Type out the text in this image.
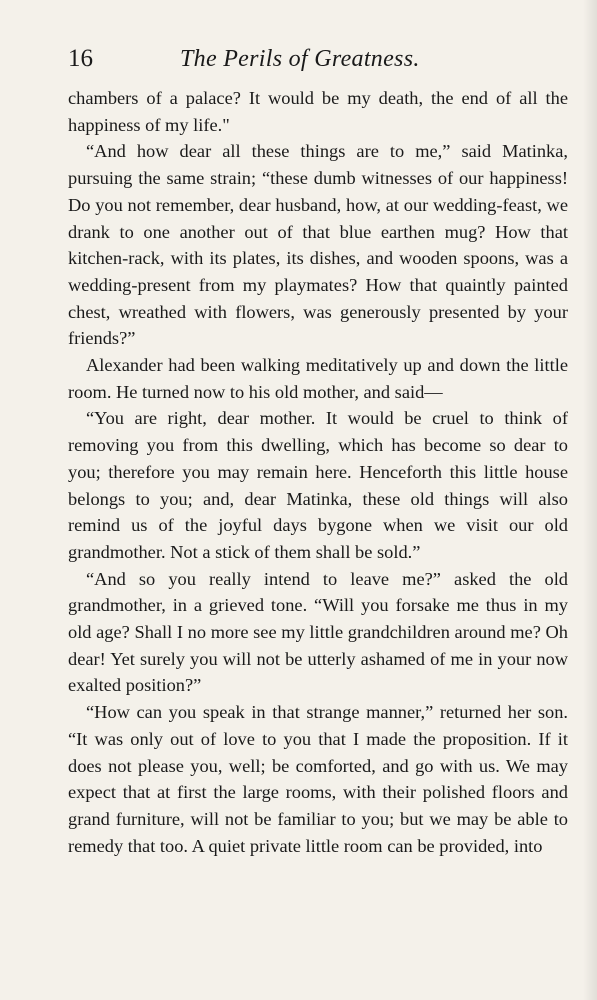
16	The Perils of Greatness.

chambers of a palace? It would be my death, the end of all the happiness of my life."

“And how dear all these things are to me,” said Matinka, pursuing the same strain; “these dumb witnesses of our happiness! Do you not remember, dear husband, how, at our wedding-feast, we drank to one another out of that blue earthen mug? How that kitchen-rack, with its plates, its dishes, and wooden spoons, was a wedding-present from my playmates? How that quaintly painted chest, wreathed with flowers, was generously presented by your friends?”

Alexander had been walking meditatively up and down the little room. He turned now to his old mother, and said—

“You are right, dear mother. It would be cruel to think of removing you from this dwelling, which has become so dear to you; therefore you may remain here. Henceforth this little house belongs to you; and, dear Matinka, these old things will also remind us of the joyful days bygone when we visit our old grandmother. Not a stick of them shall be sold.”

“And so you really intend to leave me?” asked the old grandmother, in a grieved tone. “Will you forsake me thus in my old age? Shall I no more see my little grandchildren around me? Oh dear! Yet surely you will not be utterly ashamed of me in your now exalted position?”

“How can you speak in that strange manner,” returned her son. “It was only out of love to you that I made the proposition. If it does not please you, well; be comforted, and go with us. We may expect that at first the large rooms, with their polished floors and grand furniture, will not be familiar to you; but we may be able to remedy that too. A quiet private little room can be provided, into
